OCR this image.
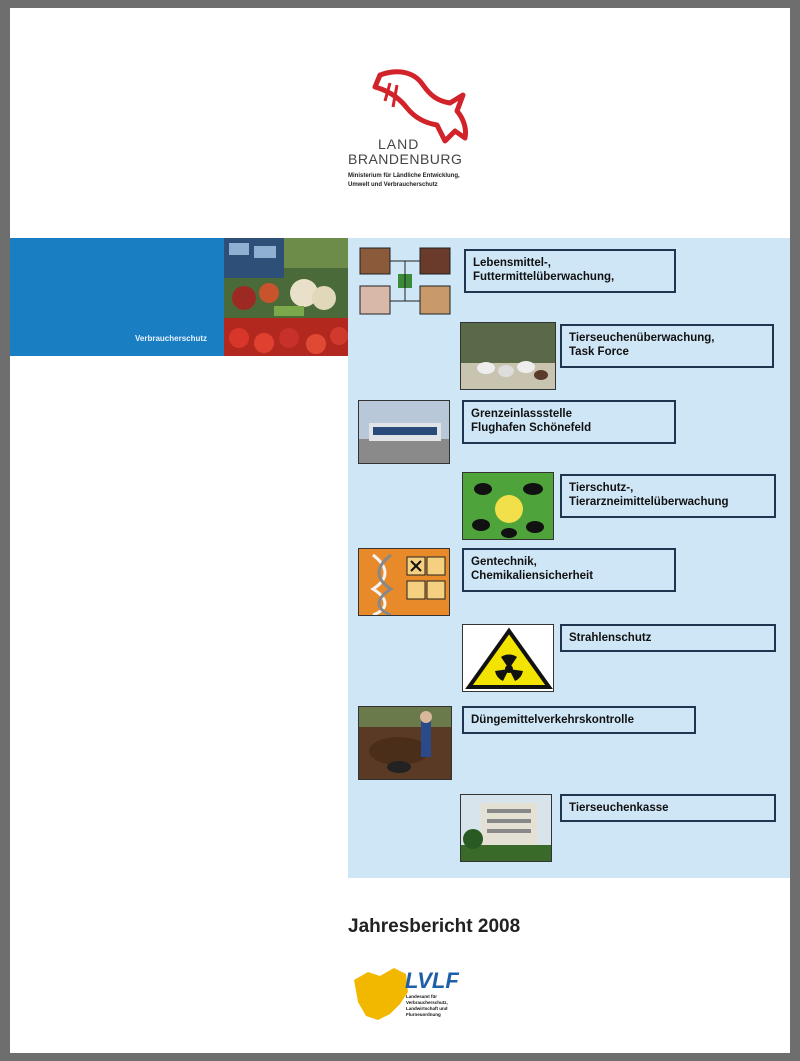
LAND
BRANDENBURG
Ministerium für Ländliche Entwicklung,
Umwelt und Verbraucherschutz
Verbraucherschutz
Lebensmittel-,
Futtermittelüberwachung,
Tierseuchenüberwachung,
Task Force
Grenzeinlassstelle
Flughafen Schönefeld
Tierschutz-,
Tierarzneimittelüberwachung
Gentechnik,
Chemikaliensicherheit
Strahlenschutz
Düngemittelverkehrskontrolle
Tierseuchenkasse
Jahresbericht 2008
LVLF
Landesamt für
Verbraucherschutz,
Landwirtschaft und
Flurneuordnung
